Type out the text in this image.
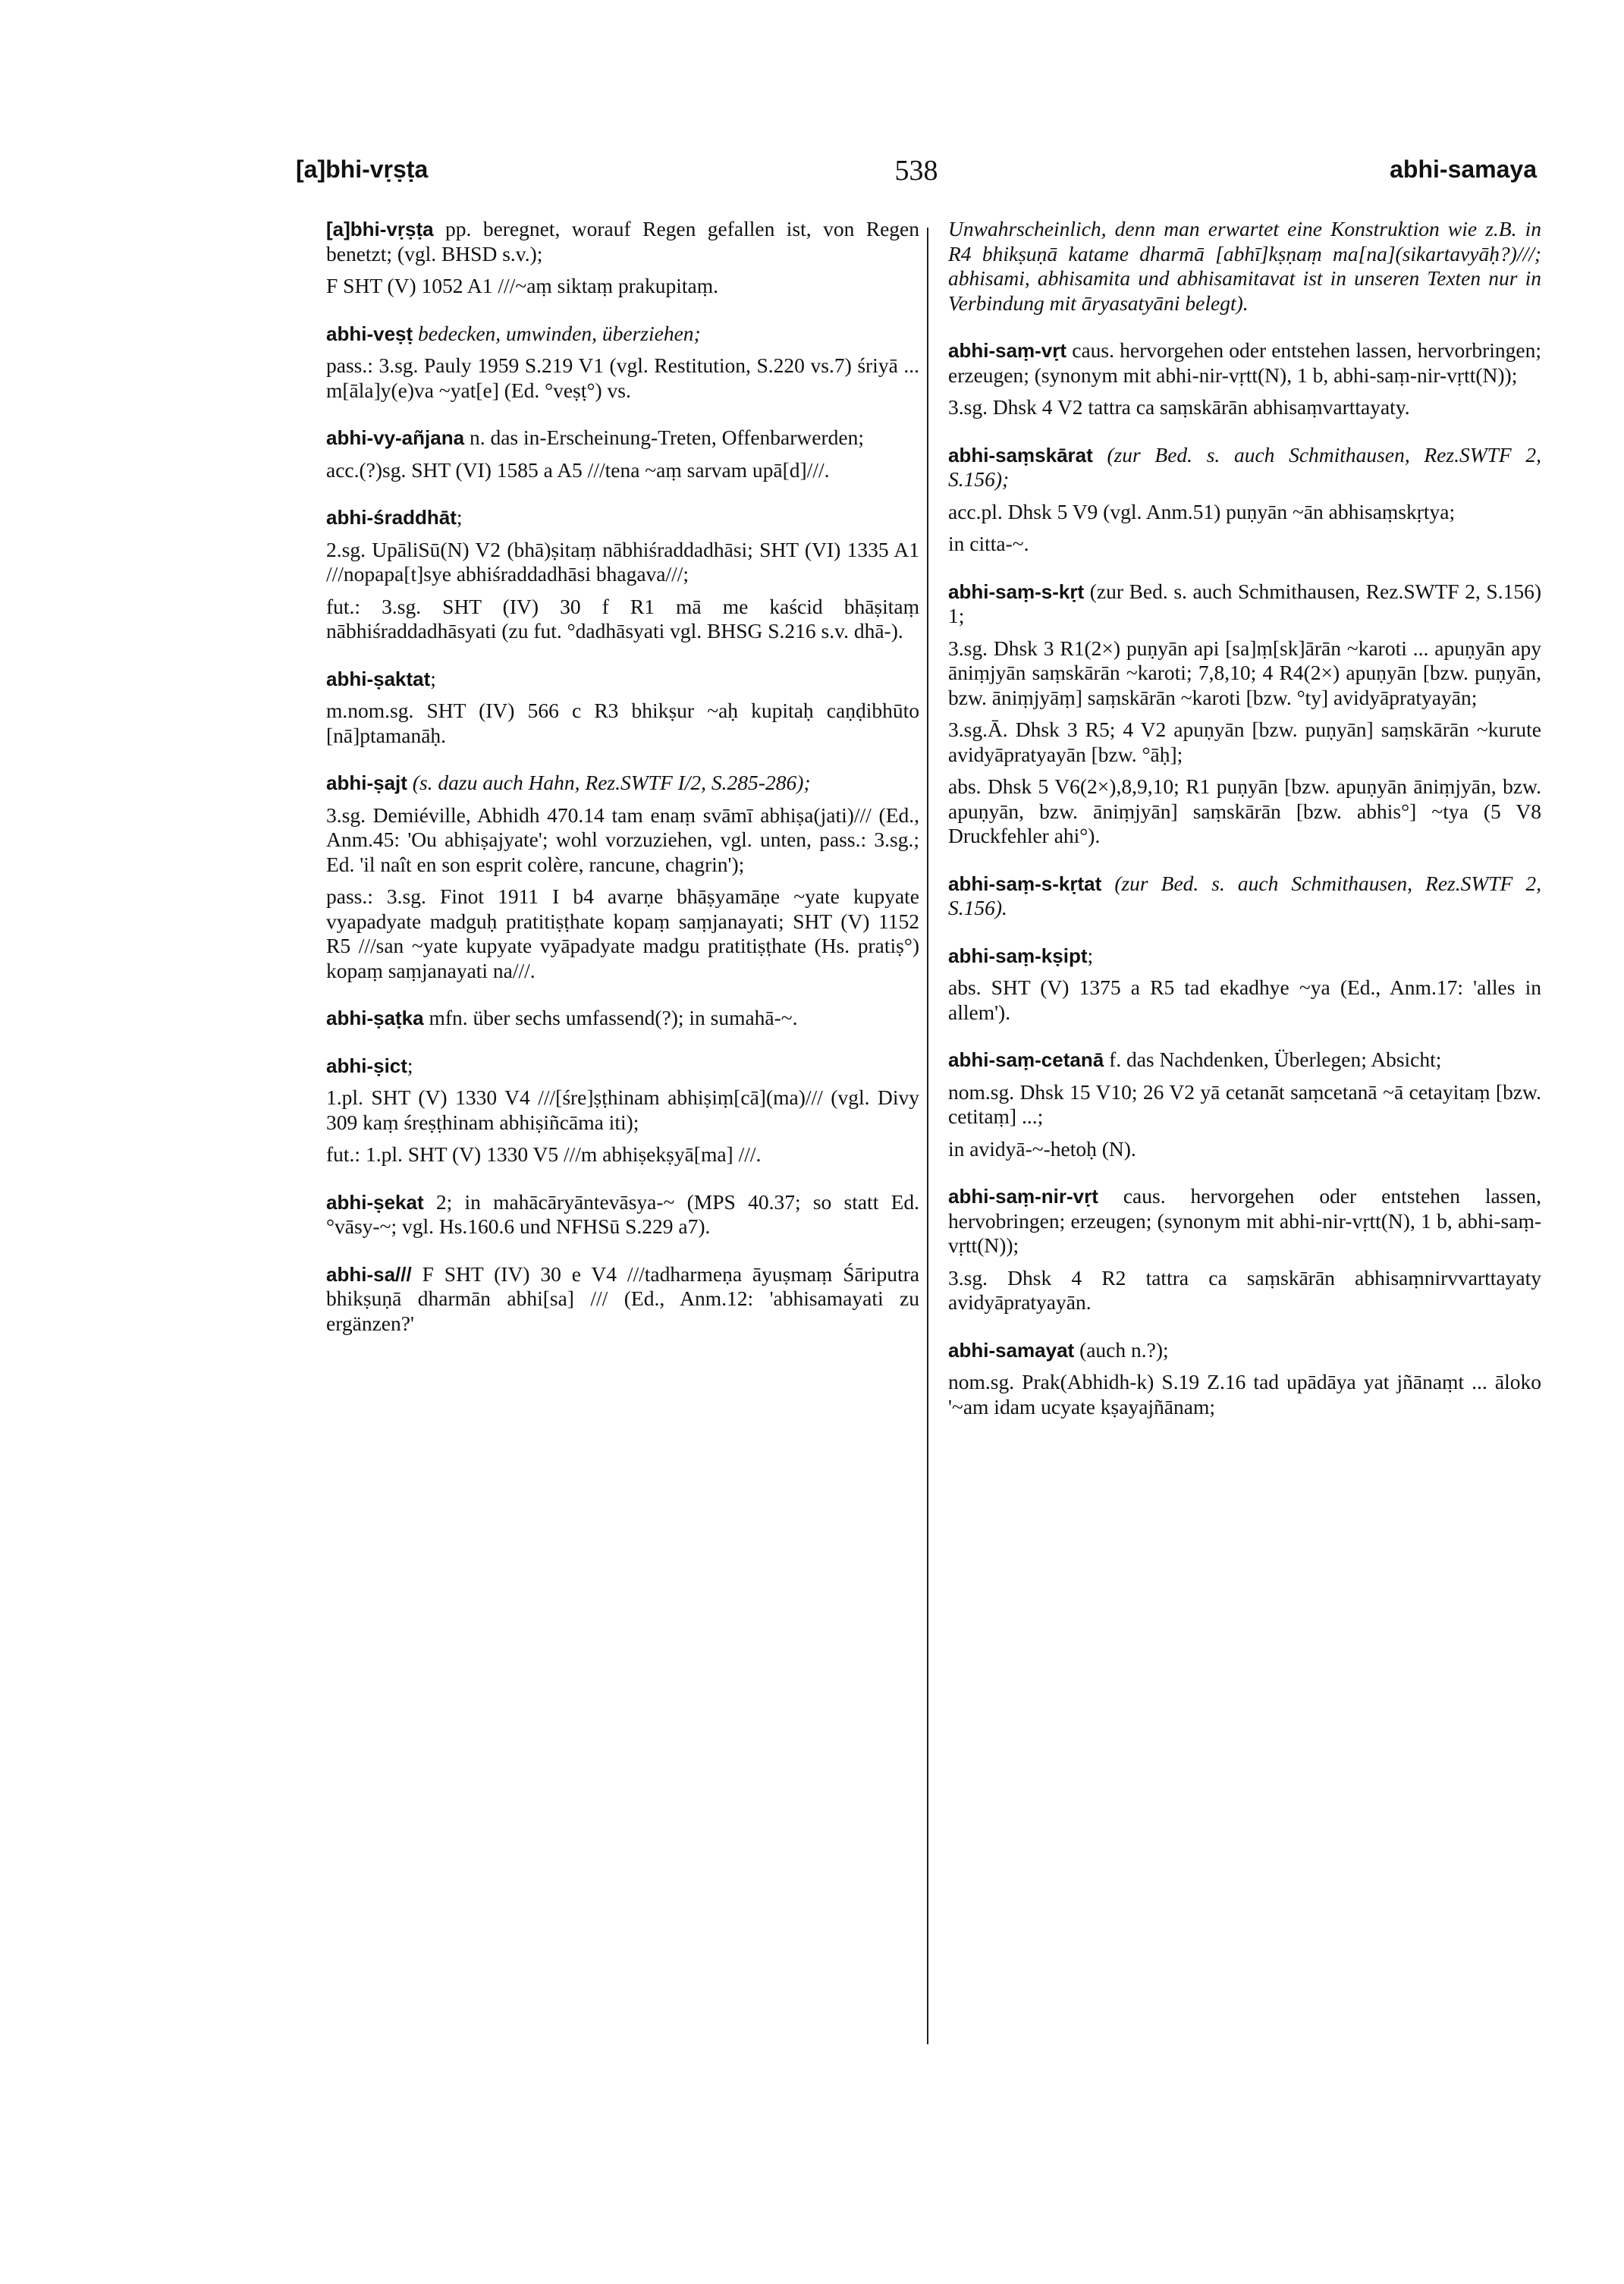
[a]bhi-vṛṣṭa	538	abhi-samaya

[a]bhi-vṛṣṭa pp. beregnet, worauf Regen gefallen ist, von Regen benetzt; (vgl. BHSD s.v.);

F SHT (V) 1052 A1 ///~aṃ siktaṃ prakupitaṃ.

abhi-veṣṭ bedecken, umwinden, überziehen;

pass.: 3.sg. Pauly 1959 S.219 V1 (vgl. Restitution, S.220 vs.7) śriyā ... m[āla]y(e)va ~yat[e] (Ed. °veṣṭ°) vs.

abhi-vy-añjana n. das in-Erscheinung-Treten, Offenbarwerden;

acc.(?)sg. SHT (VI) 1585 a A5 ///tena ~aṃ sarvam upā[d]///.

abhi-śraddhāt;

2.sg. UpāliSū(N) V2 (bhā)ṣitaṃ nābhiśraddadhāsi; SHT (VI) 1335 A1 ///nopapa[t]sye abhiśraddadhāsi bhagava///;

fut.: 3.sg. SHT (IV) 30 f R1 mā me kaścid bhāṣitaṃ nābhiśraddadhāsyati (zu fut. °dadhāsyati vgl. BHSG S.216 s.v. dhā-).

abhi-ṣaktat;

m.nom.sg. SHT (IV) 566 c R3 bhikṣur ~aḥ kupitaḥ caṇḍibhūto [nā]ptamanāḥ.

abhi-ṣajt (s. dazu auch Hahn, Rez.SWTF I/2, S.285-286);

3.sg. Demiéville, Abhidh 470.14 tam enaṃ svāmī abhiṣa(jati)/// (Ed., Anm.45: 'Ou abhiṣajyate'; wohl vorzuziehen, vgl. unten, pass.: 3.sg.; Ed. 'il naît en son esprit colère, rancune, chagrin');

pass.: 3.sg. Finot 1911 I b4 avarṇe bhāṣyamāṇe ~yate kupyate vyapadyate madguḥ pratitiṣṭhate kopaṃ saṃjanayati; SHT (V) 1152 R5 ///san ~yate kupyate vyāpadyate madgu pratitiṣṭhate (Hs. pratiṣ°) kopaṃ saṃjanayati na///.

abhi-ṣaṭka mfn. über sechs umfassend(?); in sumahā-~.

abhi-ṣict;

1.pl. SHT (V) 1330 V4 ///[śre]ṣṭhinam abhiṣiṃ[cā](ma)/// (vgl. Divy 309 kaṃ śreṣṭhinam abhiṣiñcāma iti);

fut.: 1.pl. SHT (V) 1330 V5 ///m abhiṣekṣyā[ma] ///.

abhi-ṣekat 2; in mahācāryāntevāsya-~ (MPS 40.37; so statt Ed. °vāsy-~; vgl. Hs.160.6 und NFHSū S.229 a7).

abhi-sa/// F SHT (IV) 30 e V4 ///tadharmeṇa āyuṣmaṃ Śāriputra bhikṣuṇā dharmān abhi[sa] /// (Ed., Anm.12: 'abhisamayati zu ergänzen?'

Unwahrscheinlich, denn man erwartet eine Konstruktion wie z.B. in R4 bhikṣuṇā katame dharmā [abhī]kṣṇaṃ ma[na](sikartavyāḥ?)///; abhisami, abhisamita und abhisamitavat ist in unseren Texten nur in Verbindung mit āryasatyāni belegt).

abhi-saṃ-vṛt caus. hervorgehen oder entstehen lassen, hervorbringen; erzeugen; (synonym mit abhi-nir-vṛtt(N), 1 b, abhi-saṃ-nir-vṛtt(N));

3.sg. Dhsk 4 V2 tattra ca saṃskārān abhisaṃvarttayaty.

abhi-saṃskārat (zur Bed. s. auch Schmithausen, Rez.SWTF 2, S.156);

acc.pl. Dhsk 5 V9 (vgl. Anm.51) puṇyān ~ān abhisaṃskṛtya;

in citta-~.

abhi-saṃ-s-kṛt (zur Bed. s. auch Schmithausen, Rez.SWTF 2, S.156) 1;

3.sg. Dhsk 3 R1(2×) puṇyān api [sa]ṃ[sk]ārān ~karoti ... apuṇyān apy āniṃjyān saṃskārān ~karoti; 7,8,10; 4 R4(2×) apuṇyān [bzw. puṇyān, bzw. āniṃjyāṃ] saṃskārān ~karoti [bzw. °ty] avidyāpratyayān;

3.sg.Ā. Dhsk 3 R5; 4 V2 apuṇyān [bzw. puṇyān] saṃskārān ~kurute avidyāpratyayān [bzw. °āḥ];

abs. Dhsk 5 V6(2×),8,9,10; R1 puṇyān [bzw. apuṇyān āniṃjyān, bzw. apuṇyān, bzw. āniṃjyān] saṃskārān [bzw. abhis°] ~tya (5 V8 Druckfehler ahi°).

abhi-saṃ-s-kṛtat (zur Bed. s. auch Schmithausen, Rez.SWTF 2, S.156).

abhi-saṃ-kṣipt;

abs. SHT (V) 1375 a R5 tad ekadhye ~ya (Ed., Anm.17: 'alles in allem').

abhi-saṃ-cetanā f. das Nachdenken, Überlegen; Absicht;

nom.sg. Dhsk 15 V10; 26 V2 yā cetanāt saṃcetanā ~ā cetayitaṃ [bzw. cetitaṃ] ...;

in avidyā-~-hetoḥ (N).

abhi-saṃ-nir-vṛt caus. hervorgehen oder entstehen lassen, hervobringen; erzeugen; (synonym mit abhi-nir-vṛtt(N), 1 b, abhi-saṃ-vṛtt(N));

3.sg. Dhsk 4 R2 tattra ca saṃskārān abhisaṃnirvvarttayaty avidyāpratyayān.

abhi-samayat (auch n.?);

nom.sg. Prak(Abhidh-k) S.19 Z.16 tad upādāya yat jñānaṃt ... āloko '~am idam ucyate kṣayajñānam;
